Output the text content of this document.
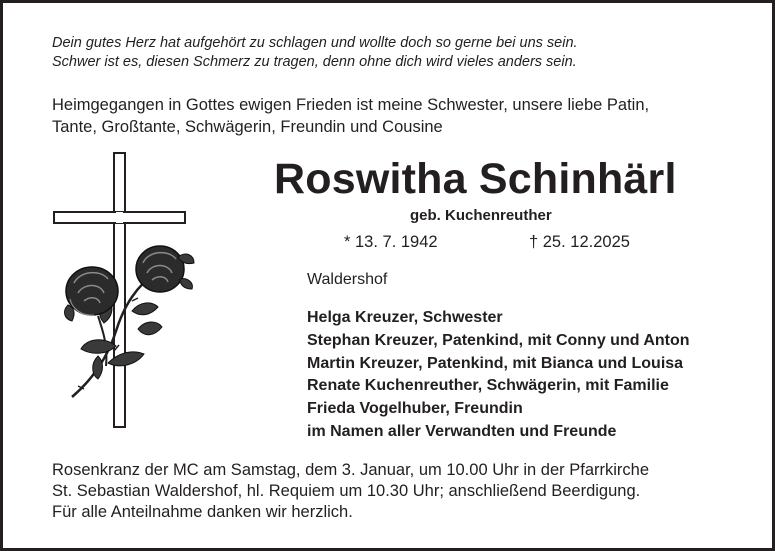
Dein gutes Herz hat aufgehört zu schlagen und wollte doch so gerne bei uns sein.
Schwer ist es, diesen Schmerz zu tragen, denn ohne dich wird vieles anders sein.
Heimgegangen in Gottes ewigen Frieden ist meine Schwester, unsere liebe Patin,
Tante, Großtante, Schwägerin, Freundin und Cousine
Roswitha Schinhärl
geb. Kuchenreuther
* 13. 7. 1942	† 25. 12.2025
Waldershof
Helga Kreuzer, Schwester
Stephan Kreuzer, Patenkind, mit Conny und Anton
Martin Kreuzer, Patenkind, mit Bianca und Louisa
Renate Kuchenreuther, Schwägerin, mit Familie
Frieda Vogelhuber, Freundin
im Namen aller Verwandten und Freunde
Rosenkranz der MC am Samstag, dem 3. Januar, um 10.00 Uhr in der Pfarrkirche
St. Sebastian Waldershof, hl. Requiem um 10.30 Uhr; anschließend Beerdigung.
Für alle Anteilnahme danken wir herzlich.
